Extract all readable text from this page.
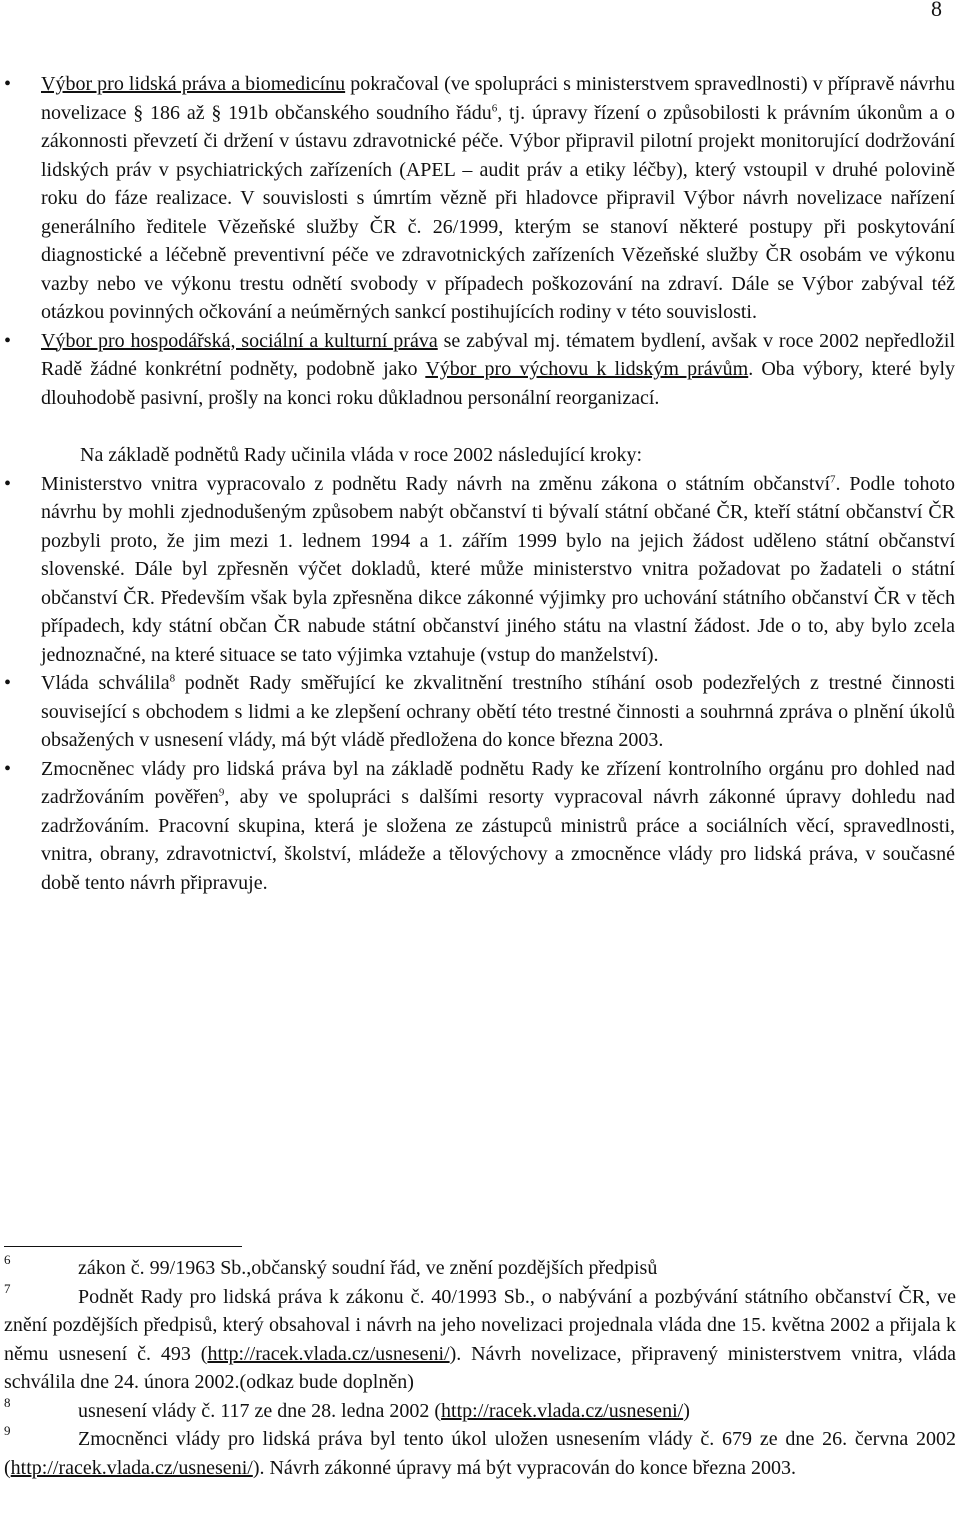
8
• Výbor pro lidská práva a biomedicínu pokračoval (ve spolupráci s ministerstvem spravedlnosti) v přípravě návrhu novelizace § 186 až § 191b občanského soudního řádu$^6$, tj. úpravy řízení o způsobilosti k právním úkonům a o zákonnosti převzetí či držení v ústavu zdravotnické péče. Výbor připravil pilotní projekt monitorující dodržování lidských práv v psychiatrických zařízeních (APEL – audit práv a etiky léčby), který vstoupil v druhé polovině roku do fáze realizace. V souvislosti s úmrtím vězně při hladovce připravil Výbor návrh novelizace nařízení generálního ředitele Vězeňské služby ČR č. 26/1999, kterým se stanoví některé postupy při poskytování diagnostické a léčebně preventivní péče ve zdravotnických zařízeních Vězeňské služby ČR osobám ve výkonu vazby nebo ve výkonu trestu odnětí svobody v případech poškozování na zdraví. Dále se Výbor zabýval též otázkou povinných očkování a neúměrných sankcí postihujících rodiny v této souvislosti.
• Výbor pro hospodářská, sociální a kulturní práva se zabýval mj. tématem bydlení, avšak v roce 2002 nepředložil Radě žádné konkrétní podněty, podobně jako Výbor pro výchovu k lidským právům. Oba výbory, které byly dlouhodobě pasivní, prošly na konci roku důkladnou personální reorganizací.

Na základě podnětů Rady učinila vláda v roce 2002 následující kroky:

• Ministerstvo vnitra vypracovalo z podnětu Rady návrh na změnu zákona o státním občanství$^7$. Podle tohoto návrhu by mohli zjednodušeným způsobem nabýt občanství ti bývalí státní občané ČR, kteří státní občanství ČR pozbyli proto, že jim mezi 1. lednem 1994 a 1. zářím 1999 bylo na jejich žádost uděleno státní občanství slovenské. Dále byl zpřesněn výčet dokladů, které může ministerstvo vnitra požadovat po žadateli o státní občanství ČR. Především však byla zpřesněna dikce zákonné výjimky pro uchování státního občanství ČR v těch případech, kdy státní občan ČR nabude státní občanství jiného státu na vlastní žádost. Jde o to, aby bylo zcela jednoznačné, na které situace se tato výjimka vztahuje (vstup do manželství).
• Vláda schválila$^8$ podnět Rady směřující ke zkvalitnění trestního stíhání osob podezřelých z trestné činnosti související s obchodem s lidmi a ke zlepšení ochrany obětí této trestné činnosti a souhrnná zpráva o plnění úkolů obsažených v usnesení vlády, má být vládě předložena do konce března 2003.
• Zmocněnec vlády pro lidská práva byl na základě podnětu Rady ke zřízení kontrolního orgánu pro dohled nad zadržováním pověřen$^9$, aby ve spolupráci s dalšími resorty vypracoval návrh zákonné úpravy dohledu nad zadržováním. Pracovní skupina, která je složena ze zástupců ministrů práce a sociálních věcí, spravedlnosti, vnitra, obrany, zdravotnictví, školství, mládeže a tělovýchovy a zmocněnce vlády pro lidská práva, v současné době tento návrh připravuje.

6	zákon č. 99/1963 Sb.,občanský soudní řád, ve znění pozdějších předpisů

7	Podnět Rady pro lidská práva k zákonu č. 40/1993 Sb., o nabývání a pozbývání státního občanství ČR, ve znění pozdějších předpisů, který obsahoval i návrh na jeho novelizaci projednala vláda dne 15. května 2002 a přijala k němu usnesení č. 493 (http://racek.vlada.cz/usneseni/). Návrh novelizace, připravený ministerstvem vnitra, vláda schválila dne 24. února 2002.(odkaz bude doplněn)

8	usnesení vlády č. 117 ze dne 28. ledna 2002 (http://racek.vlada.cz/usneseni/)

9	Zmocněnci vlády pro lidská práva byl tento úkol uložen usnesením vlády č. 679 ze dne 26. června 2002 (http://racek.vlada.cz/usneseni/). Návrh zákonné úpravy má být vypracován do konce března 2003.
